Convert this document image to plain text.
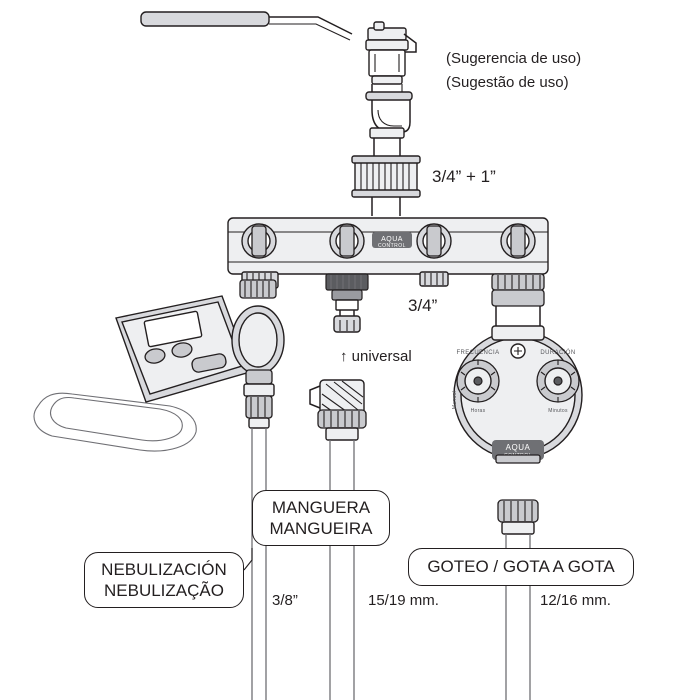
AQUA
CONTROL
FRECUENCIA	DURACIÓN
Horas	Minutos
Manual
AQUA
(Sugerencia de uso)
(Sugestão de uso)
3/4” + 1”
3/4”
↑ universal
3/8”	15/19 mm.	12/16 mm.
MANGUERA
MANGUEIRA
NEBULIZACIÓN
NEBULIZAÇÃO
GOTEO / GOTA A GOTA
